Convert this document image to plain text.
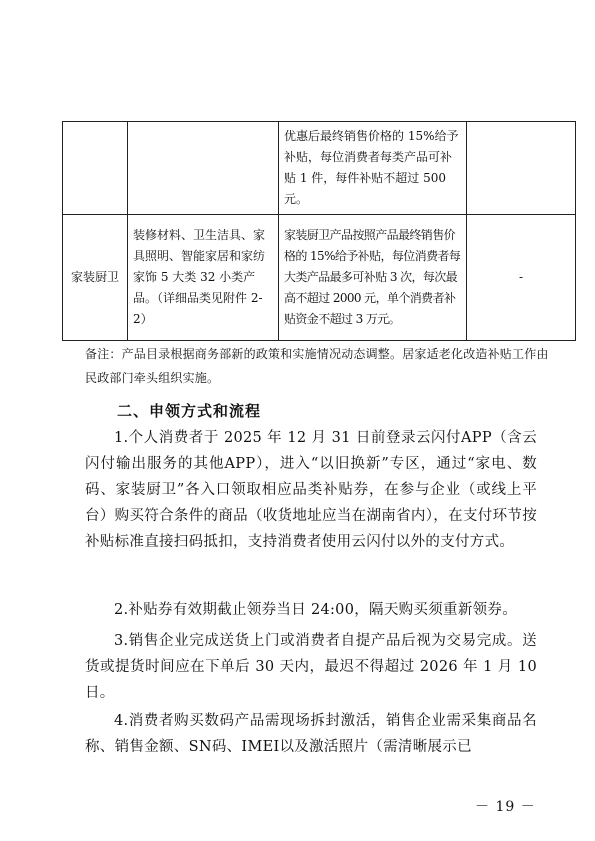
		优惠后最终销售价格的 15%给予补贴，每位消费者每类产品可补贴 1 件，每件补贴不超过 500 元。	
家装厨卫	装修材料、卫生洁具、家具照明、智能家居和家纺家饰 5 大类 32 小类产品。（详细品类见附件 2-2）	家装厨卫产品按照产品最终销售价格的 15%给予补贴，每位消费者每大类产品最多可补贴 3 次，每次最高不超过 2000 元，单个消费者补贴资金不超过 3 万元。	-
备注：产品目录根据商务部新的政策和实施情况动态调整。居家适老化改造补贴工作由民政部门牵头组织实施。
二、申领方式和流程
1.个人消费者于 2025 年 12 月 31 日前登录云闪付APP（含云闪付输出服务的其他APP），进入“以旧换新”专区，通过“家电、数码、家装厨卫”各入口领取相应品类补贴券，在参与企业（或线上平台）购买符合条件的商品（收货地址应当在湖南省内），在支付环节按补贴标准直接扫码抵扣，支持消费者使用云闪付以外的支付方式。
2.补贴券有效期截止领券当日 24:00，隔天购买须重新领券。
3.销售企业完成送货上门或消费者自提产品后视为交易完成。送货或提货时间应在下单后 30 天内，最迟不得超过 2026 年 1 月 10 日。
4.消费者购买数码产品需现场拆封激活，销售企业需采集商品名称、销售金额、SN码、IMEI以及激活照片（需清晰展示已
－ 19 －
